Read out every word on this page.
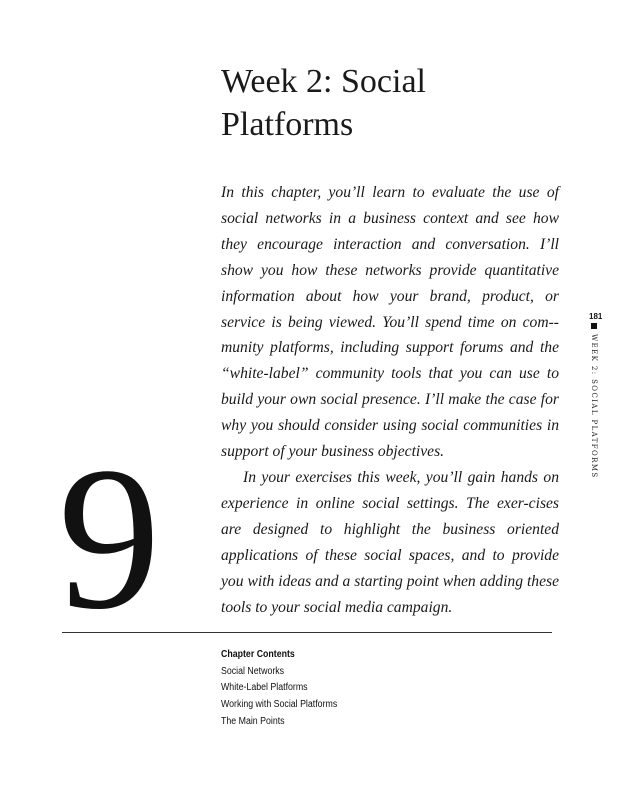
Week 2: Social
Platforms

In this chapter, you’ll learn to evaluate the use of social networks in a business context and see how they encourage interaction and conversation. I’ll show you how these networks provide quantitative information about how your brand, product, or service is being viewed. You’ll spend time on com-munity platforms, including support forums and the “white-label” community tools that you can use to build your own social presence. I’ll make the case for why you should consider using social communities in support of your business objectives.

In your exercises this week, you’ll gain hands on experience in online social settings. The exer-cises are designed to highlight the business oriented applications of these social spaces, and to provide you with ideas and a starting point when adding these tools to your social media campaign.

9
Chapter Contents
Social Networks
White-Label Platforms
Working with Social Platforms
The Main Points
181
WEEK 2: SOCIAL PLATFORMS
